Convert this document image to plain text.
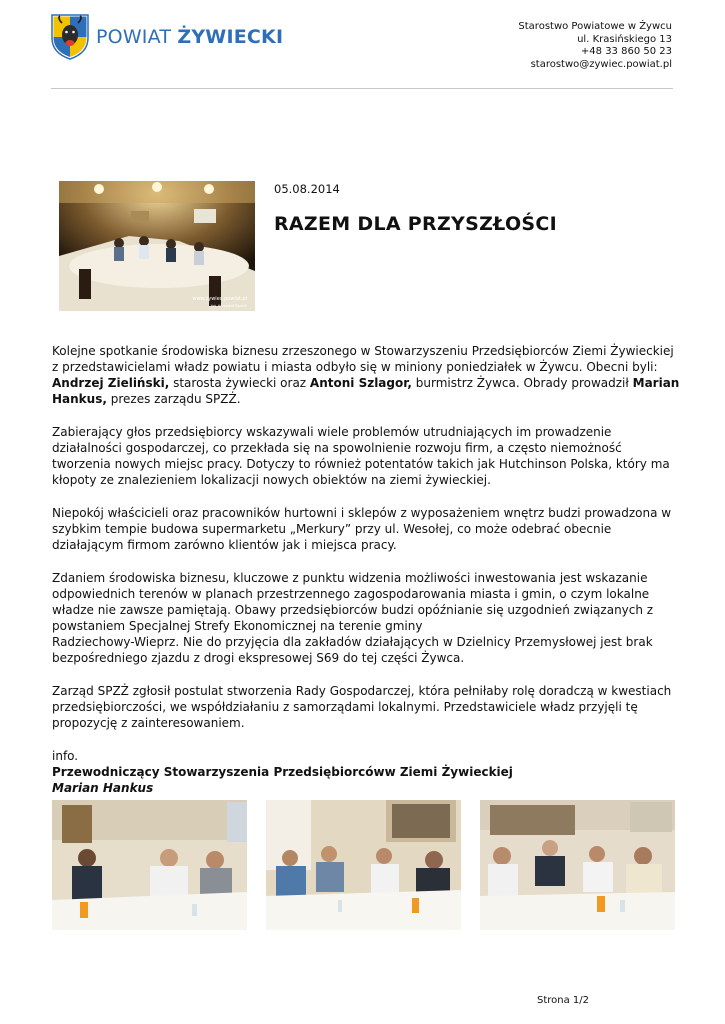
POWIAT ŻYWIECKI	Starostwo Powiatowe w Żywcu
ul. Krasińskiego 13
+48 33 860 50 23
starostwo@zywiec.powiat.pl
www.zywiec.powiat.pl
fot. Krzysztof Bartoń
05.08.2014
RAZEM DLA PRZYSZŁOŚCI

Kolejne spotkanie środowiska biznesu zrzeszonego w Stowarzyszeniu Przedsiębiorców Ziemi Żywieckiej z przedstawicielami władz powiatu i miasta odbyło się w miniony poniedziałek w Żywcu. Obecni byli: Andrzej Zieliński, starosta żywiecki oraz Antoni Szlagor, burmistrz Żywca. Obrady prowadził Marian Hankus, prezes zarządu SPZŻ.

Zabierający głos przedsiębiorcy wskazywali wiele problemów utrudniających im prowadzenie działalności gospodarczej, co przekłada się na spowolnienie rozwoju firm, a często niemożność tworzenia nowych miejsc pracy. Dotyczy to również potentatów takich jak Hutchinson Polska, który ma kłopoty ze znalezieniem lokalizacji nowych obiektów na ziemi żywieckiej.

Niepokój właścicieli oraz pracowników hurtowni i sklepów z wyposażeniem wnętrz budzi prowadzona w szybkim tempie budowa supermarketu „Merkury” przy ul. Wesołej, co może odebrać obecnie działającym firmom zarówno klientów jak i miejsca pracy.

Zdaniem środowiska biznesu, kluczowe z punktu widzenia możliwości inwestowania jest wskazanie odpowiednich terenów w planach przestrzennego zagospodarowania miasta i gmin, o czym lokalne władze nie zawsze pamiętają. Obawy przedsiębiorców budzi opóźnianie się uzgodnień związanych z powstaniem Specjalnej Strefy Ekonomicznej na terenie gminy
Radziechowy-Wieprz. Nie do przyjęcia dla zakładów działających w Dzielnicy Przemysłowej jest brak bezpośredniego zjazdu z drogi ekspresowej S69 do tej części Żywca.

Zarząd SPZŻ zgłosił postulat stworzenia Rady Gospodarczej, która pełniłaby rolę doradczą w kwestiach przedsiębiorczości, we współdziałaniu z samorządami lokalnymi. Przedstawiciele władz przyjęli tę propozycję z zainteresowaniem.

info.
Przewodniczący Stowarzyszenia Przedsiębiorcóww Ziemi Żywieckiej
Marian Hankus

Strona 1/2
